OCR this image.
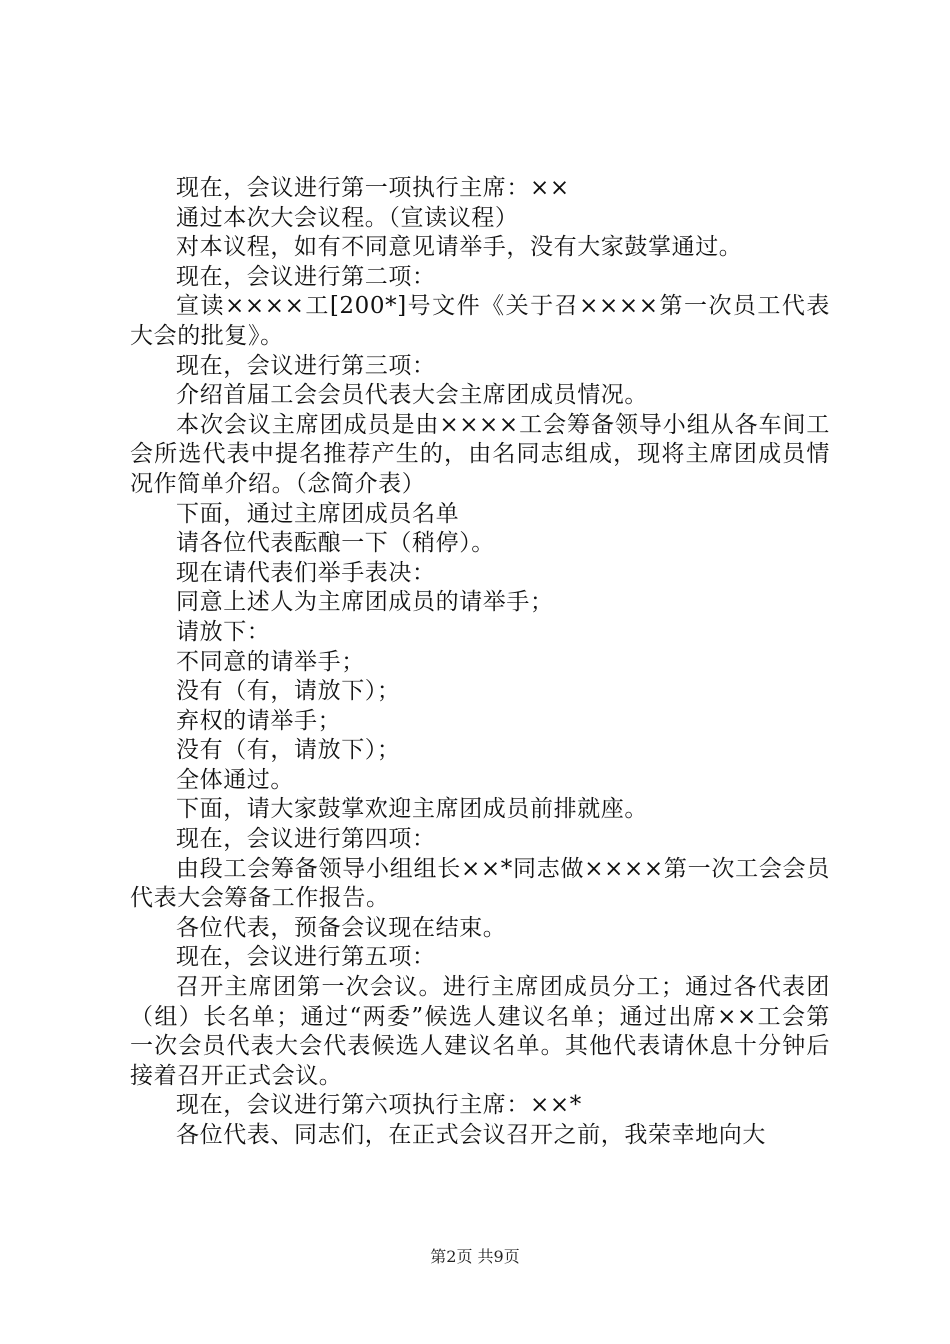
现在，会议进行第一项执行主席：××

通过本次大会议程。（宣读议程）

对本议程，如有不同意见请举手，没有大家鼓掌通过。

现在，会议进行第二项：

宣读××××工[200*]号文件《关于召××××第一次员工代表大会的批复》。

现在，会议进行第三项：

介绍首届工会会员代表大会主席团成员情况。

本次会议主席团成员是由××××工会筹备领导小组从各车间工会所选代表中提名推荐产生的，由名同志组成，现将主席团成员情况作简单介绍。（念简介表）

下面，通过主席团成员名单

请各位代表酝酿一下（稍停）。

现在请代表们举手表决：

同意上述人为主席团成员的请举手；

请放下：

不同意的请举手；

没有（有，请放下）；

弃权的请举手；

没有（有，请放下）；

全体通过。

下面，请大家鼓掌欢迎主席团成员前排就座。

现在，会议进行第四项：

由段工会筹备领导小组组长××*同志做××××第一次工会会员代表大会筹备工作报告。

各位代表，预备会议现在结束。

现在，会议进行第五项：

召开主席团第一次会议。进行主席团成员分工；通过各代表团（组）长名单；通过“两委”候选人建议名单；通过出席××工会第一次会员代表大会代表候选人建议名单。其他代表请休息十分钟后接着召开正式会议。

现在，会议进行第六项执行主席：××*

各位代表、同志们，在正式会议召开之前，我荣幸地向大

第2页 共9页
